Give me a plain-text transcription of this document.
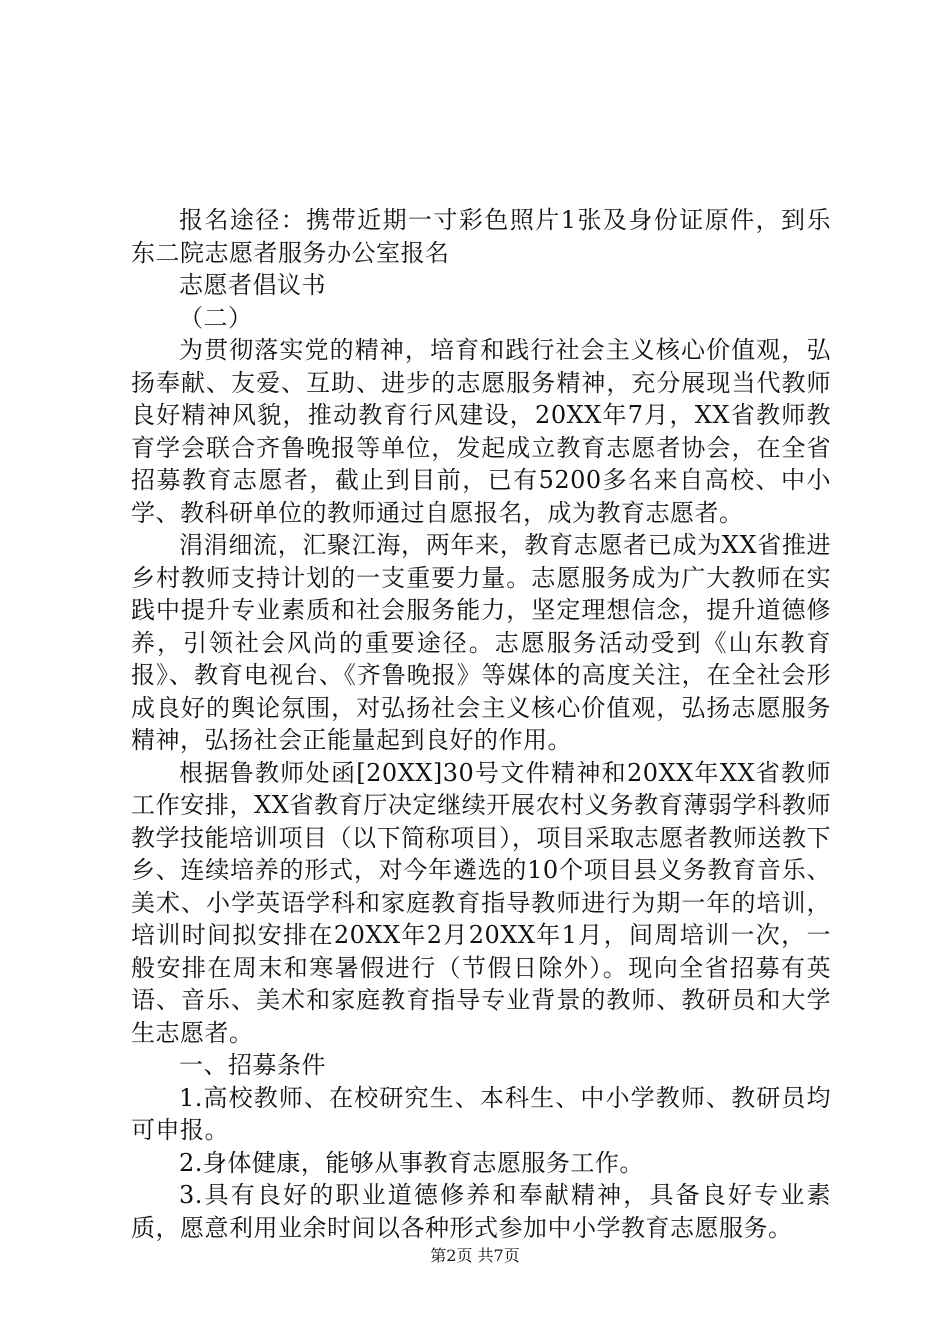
报名途径：携带近期一寸彩色照片1张及身份证原件，到乐东二院志愿者服务办公室报名

志愿者倡议书

（二）

为贯彻落实党的精神，培育和践行社会主义核心价值观，弘扬奉献、友爱、互助、进步的志愿服务精神，充分展现当代教师良好精神风貌，推动教育行风建设，20XX年7月，XX省教师教育学会联合齐鲁晚报等单位，发起成立教育志愿者协会，在全省招募教育志愿者，截止到目前，已有5200多名来自高校、中小学、教科研单位的教师通过自愿报名，成为教育志愿者。

涓涓细流，汇聚江海，两年来，教育志愿者已成为XX省推进乡村教师支持计划的一支重要力量。志愿服务成为广大教师在实践中提升专业素质和社会服务能力，坚定理想信念，提升道德修养，引领社会风尚的重要途径。志愿服务活动受到《山东教育报》、教育电视台、《齐鲁晚报》等媒体的高度关注，在全社会形成良好的舆论氛围，对弘扬社会主义核心价值观，弘扬志愿服务精神，弘扬社会正能量起到良好的作用。

根据鲁教师处函[20XX]30号文件精神和20XX年XX省教师工作安排，XX省教育厅决定继续开展农村义务教育薄弱学科教师教学技能培训项目（以下简称项目），项目采取志愿者教师送教下乡、连续培养的形式，对今年遴选的10个项目县义务教育音乐、美术、小学英语学科和家庭教育指导教师进行为期一年的培训，培训时间拟安排在20XX年2月20XX年1月，间周培训一次，一般安排在周末和寒暑假进行（节假日除外）。现向全省招募有英语、音乐、美术和家庭教育指导专业背景的教师、教研员和大学生志愿者。

一、招募条件

1.高校教师、在校研究生、本科生、中小学教师、教研员均可申报。

2.身体健康，能够从事教育志愿服务工作。

3.具有良好的职业道德修养和奉献精神，具备良好专业素质，愿意利用业余时间以各种形式参加中小学教育志愿服务。

第2页 共7页
